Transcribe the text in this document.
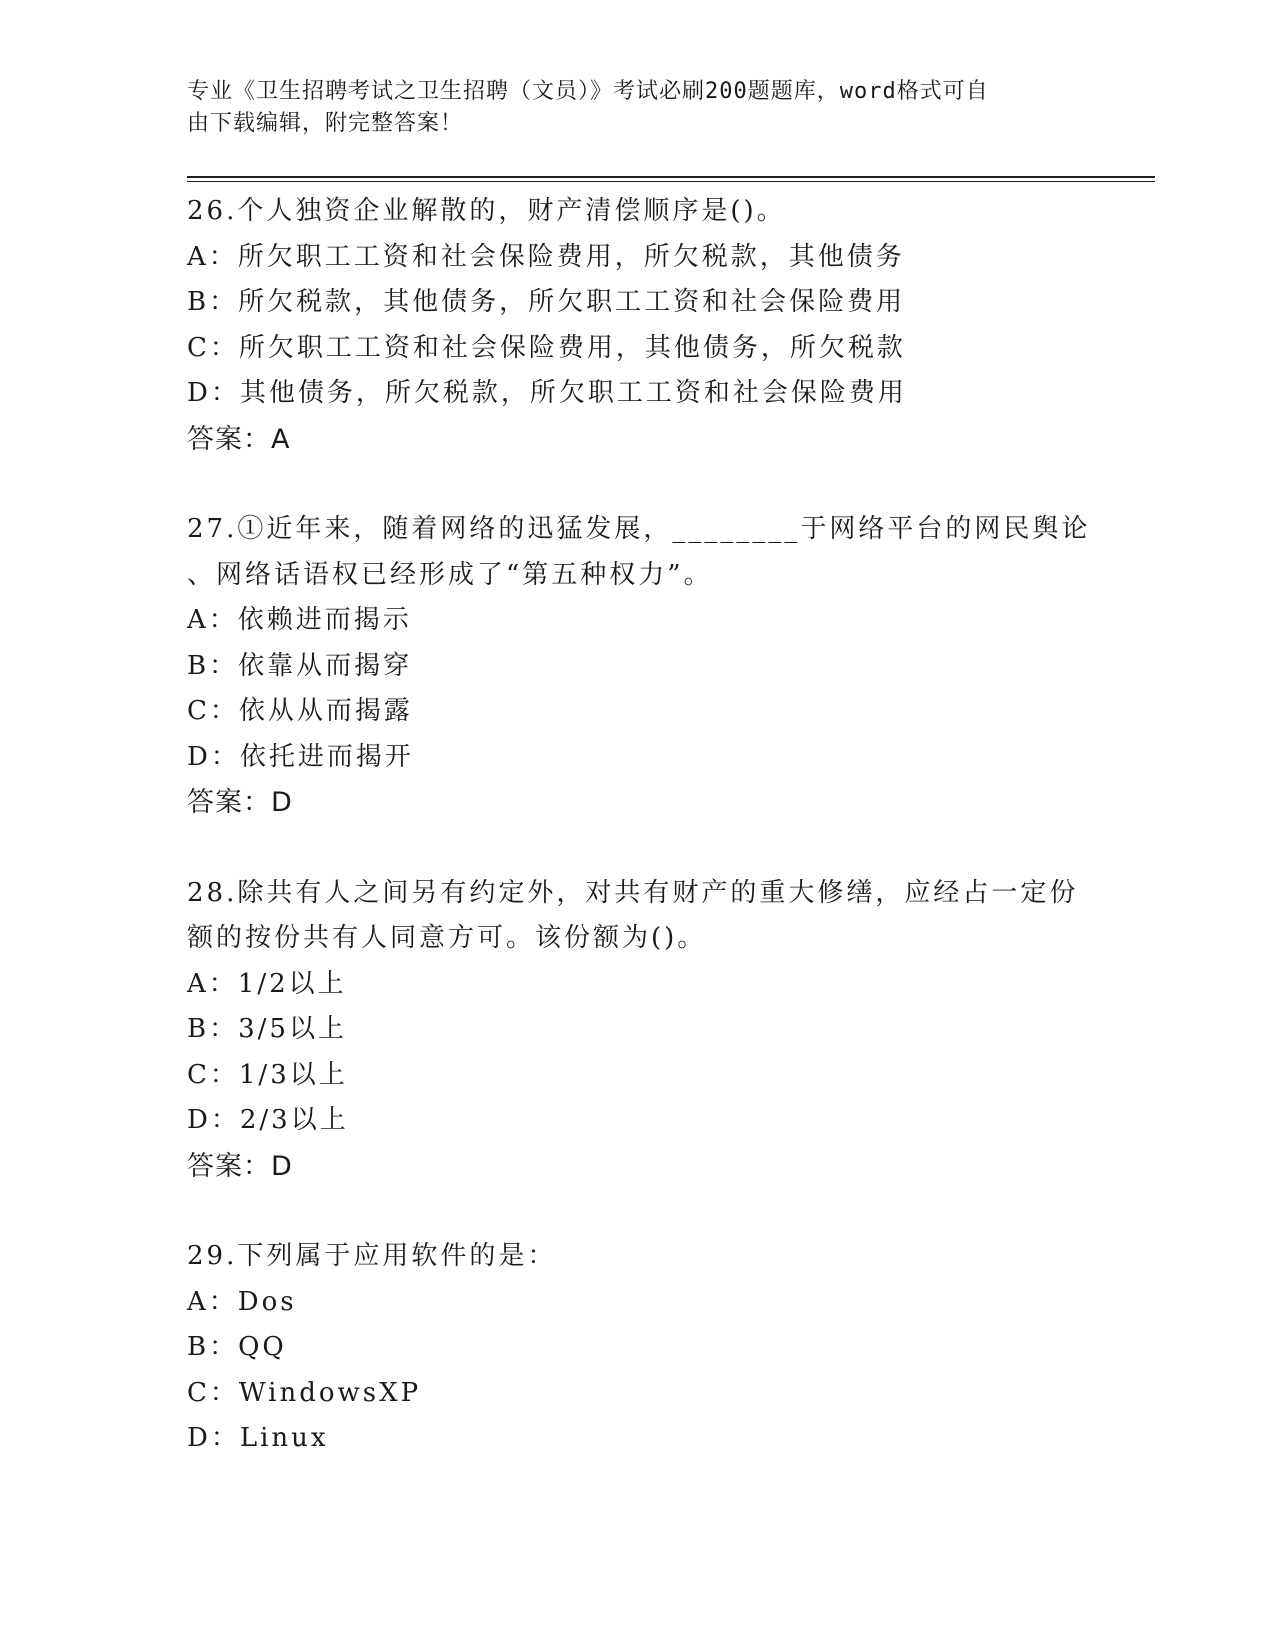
专业《卫生招聘考试之卫生招聘（文员）》考试必刷200题题库，word格式可自
由下载编辑，附完整答案！
26.个人独资企业解散的，财产清偿顺序是()。
A：所欠职工工资和社会保险费用，所欠税款，其他债务
B：所欠税款，其他债务，所欠职工工资和社会保险费用
C：所欠职工工资和社会保险费用，其他债务，所欠税款
D：其他债务，所欠税款，所欠职工工资和社会保险费用
答案：A
27.①近年来，随着网络的迅猛发展，________于网络平台的网民舆论
、网络话语权已经形成了“第五种权力”。
A：依赖进而揭示
B：依靠从而揭穿
C：依从从而揭露
D：依托进而揭开
答案：D
28.除共有人之间另有约定外，对共有财产的重大修缮，应经占一定份
额的按份共有人同意方可。该份额为()。
A：1/2以上
B：3/5以上
C：1/3以上
D：2/3以上
答案：D
29.下列属于应用软件的是：
A：Dos
B：QQ
C：WindowsXP
D：Linux
